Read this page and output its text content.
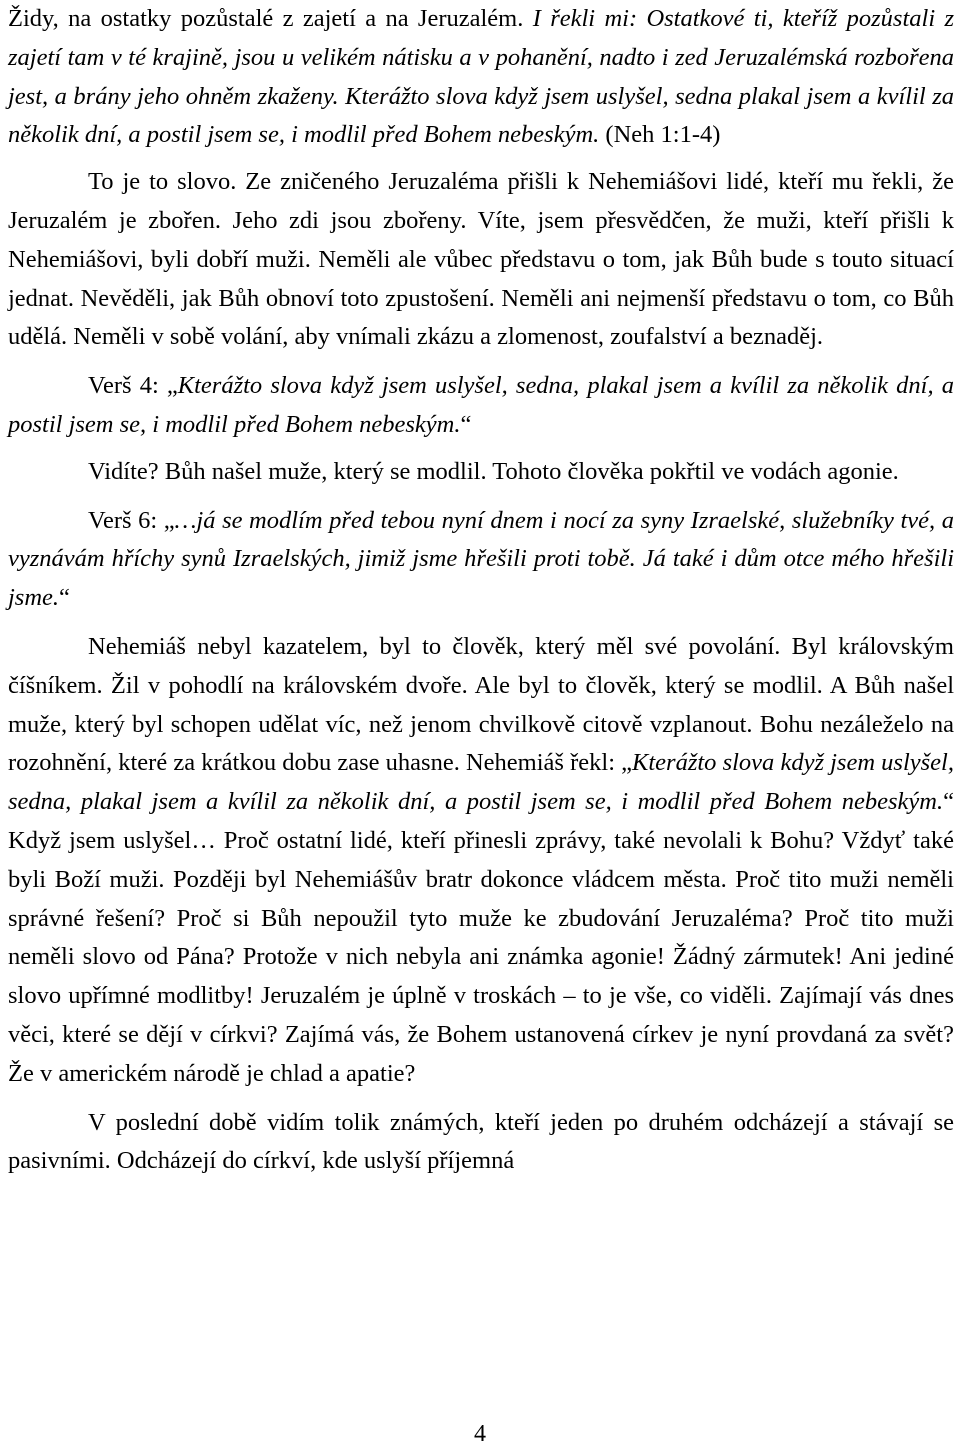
Židy, na ostatky pozůstalé z zajetí a na Jeruzalém. I řekli mi: Ostatkové ti, kteříž pozůstali z zajetí tam v té krajině, jsou u velikém nátisku a v pohanění, nadto i zed Jeruzalémská rozbořena jest, a brány jeho ohněm zkaženy. Kterážto slova když jsem uslyšel, sedna plakal jsem a kvílil za několik dní, a postil jsem se, i modlil před Bohem nebeským. (Neh 1:1-4)

To je to slovo. Ze zničeného Jeruzaléma přišli k Nehemiášovi lidé, kteří mu řekli, že Jeruzalém je zbořen. Jeho zdi jsou zbořeny. Víte, jsem přesvědčen, že muži, kteří přišli k Nehemiášovi, byli dobří muži. Neměli ale vůbec představu o tom, jak Bůh bude s touto situací jednat. Nevěděli, jak Bůh obnoví toto zpustošení. Neměli ani nejmenší představu o tom, co Bůh udělá. Neměli v sobě volání, aby vnímali zkázu a zlomenost, zoufalství a beznaděj.

Verš 4: „Kterážto slova když jsem uslyšel, sedna, plakal jsem a kvílil za několik dní, a postil jsem se, i modlil před Bohem nebeským.“

Vidíte? Bůh našel muže, který se modlil. Tohoto člověka pokřtil ve vodách agonie.

Verš 6: „…já se modlím před tebou nyní dnem i nocí za syny Izraelské, služebníky tvé, a vyznávám hříchy synů Izraelských, jimiž jsme hřešili proti tobě. Já také i dům otce mého hřešili jsme.“

Nehemiáš nebyl kazatelem, byl to člověk, který měl své povolání. Byl královským číšníkem. Žil v pohodlí na královském dvoře. Ale byl to člověk, který se modlil. A Bůh našel muže, který byl schopen udělat víc, než jenom chvilkově citově vzplanout. Bohu nezáleželo na rozohnění, které za krátkou dobu zase uhasne. Nehemiáš řekl: „Kterážto slova když jsem uslyšel, sedna, plakal jsem a kvílil za několik dní, a postil jsem se, i modlil před Bohem nebeským.“ Když jsem uslyšel… Proč ostatní lidé, kteří přinesli zprávy, také nevolali k Bohu? Vždyť také byli Boží muži. Později byl Nehemiášův bratr dokonce vládcem města. Proč tito muži neměli správné řešení? Proč si Bůh nepoužil tyto muže ke zbudování Jeruzaléma? Proč tito muži neměli slovo od Pána? Protože v nich nebyla ani známka agonie! Žádný zármutek! Ani jediné slovo upřímné modlitby! Jeruzalém je úplně v troskách – to je vše, co viděli. Zajímají vás dnes věci, které se dějí v církvi? Zajímá vás, že Bohem ustanovená církev je nyní provdaná za svět? Že v americkém národě je chlad a apatie?

V poslední době vidím tolik známých, kteří jeden po druhém odcházejí a stávají se pasivními. Odcházejí do církví, kde uslyší příjemná

4
